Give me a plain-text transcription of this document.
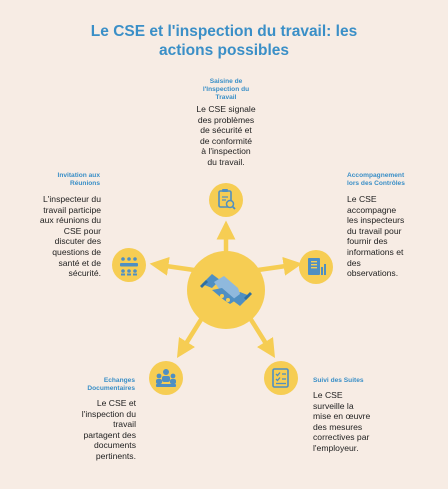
Le CSE et l'inspection du travail: les
actions possibles
Saisine de
l'Inspection du
Travail
Le CSE signale
des problèmes
de sécurité et
de conformité
à l'inspection
du travail.
Accompagnement
lors des Contrôles
Le CSE
accompagne
les inspecteurs
du travail pour
fournir des
informations et
des
observations.
Invitation aux
Réunions
L'inspecteur du
travail participe
aux réunions du
CSE pour
discuter des
questions de
santé et de
sécurité.
Echanges
Documentaires
Le CSE et
l'inspection du
travail
partagent des
documents
pertinents.
Suivi des Suites
Le CSE
surveille la
mise en œuvre
des mesures
correctives par
l'employeur.
